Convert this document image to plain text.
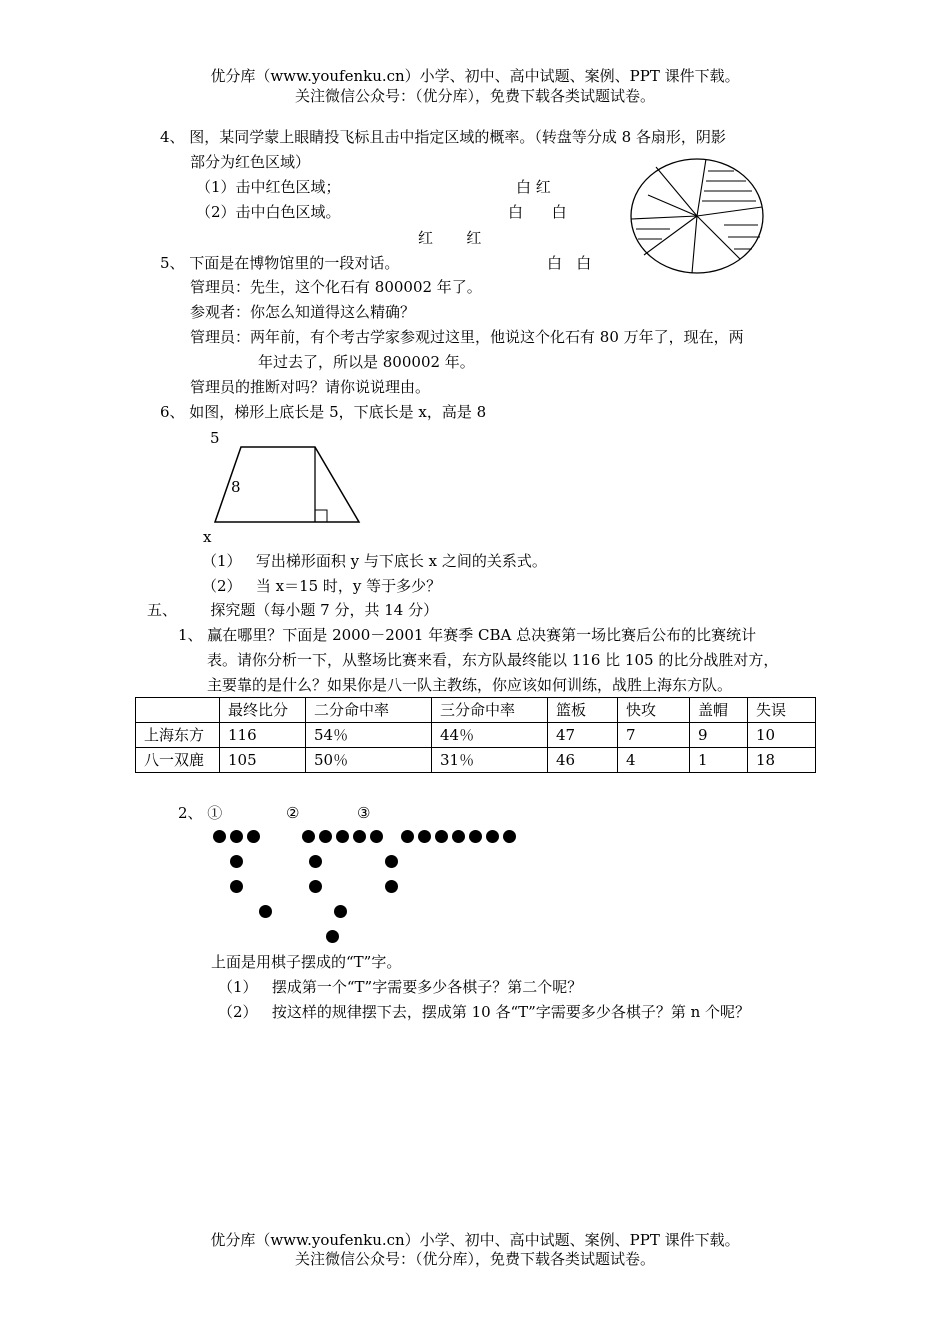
优分库（www.youfenku.cn）小学、初中、高中试题、案例、PPT 课件下载。
关注微信公众号：（优分库），免费下载各类试题试卷。
4、 图，某同学蒙上眼睛投飞标且击中指定区域的概率。（转盘等分成 8 各扇形，阴影
部分为红色区域）
（1）击中红色区域；
（2）击中白色区域。
白 红
白      白
红       红
白   白
5、 下面是在博物馆里的一段对话。
管理员：先生，这个化石有 800002 年了。
参观者：你怎么知道得这么精确？
管理员：两年前，有个考古学家参观过这里，他说这个化石有 80 万年了，现在，两
年过去了，所以是 800002 年。
管理员的推断对吗？请你说说理由。
6、 如图，梯形上底长是 5，下底长是 x，高是 8
5
8
x
（1）   写出梯形面积 y 与下底长 x 之间的关系式。
（2）   当 x＝15 时，y 等于多少？
五、       探究题（每小题 7 分，共 14 分）
1、 赢在哪里？下面是 2000－2001 年赛季 CBA 总决赛第一场比赛后公布的比赛统计
表。请你分析一下，从整场比赛来看，东方队最终能以 116 比 105 的比分战胜对方，
主要靠的是什么？如果你是八一队主教练，你应该如何训练，战胜上海东方队。
	最终比分	二分命中率	三分命中率	篮板	快攻	盖帽	失误
上海东方	116	54％	44％	47	7	9	10
八一双鹿	105	50％	31％	46	4	1	18
2、 ①	②	③
上面是用棋子摆成的“T”字。
（1）   摆成第一个“T”字需要多少各棋子？第二个呢？
（2）   按这样的规律摆下去，摆成第 10 各“T”字需要多少各棋子？第 n 个呢？
优分库（www.youfenku.cn）小学、初中、高中试题、案例、PPT 课件下载。
关注微信公众号：（优分库），免费下载各类试题试卷。
